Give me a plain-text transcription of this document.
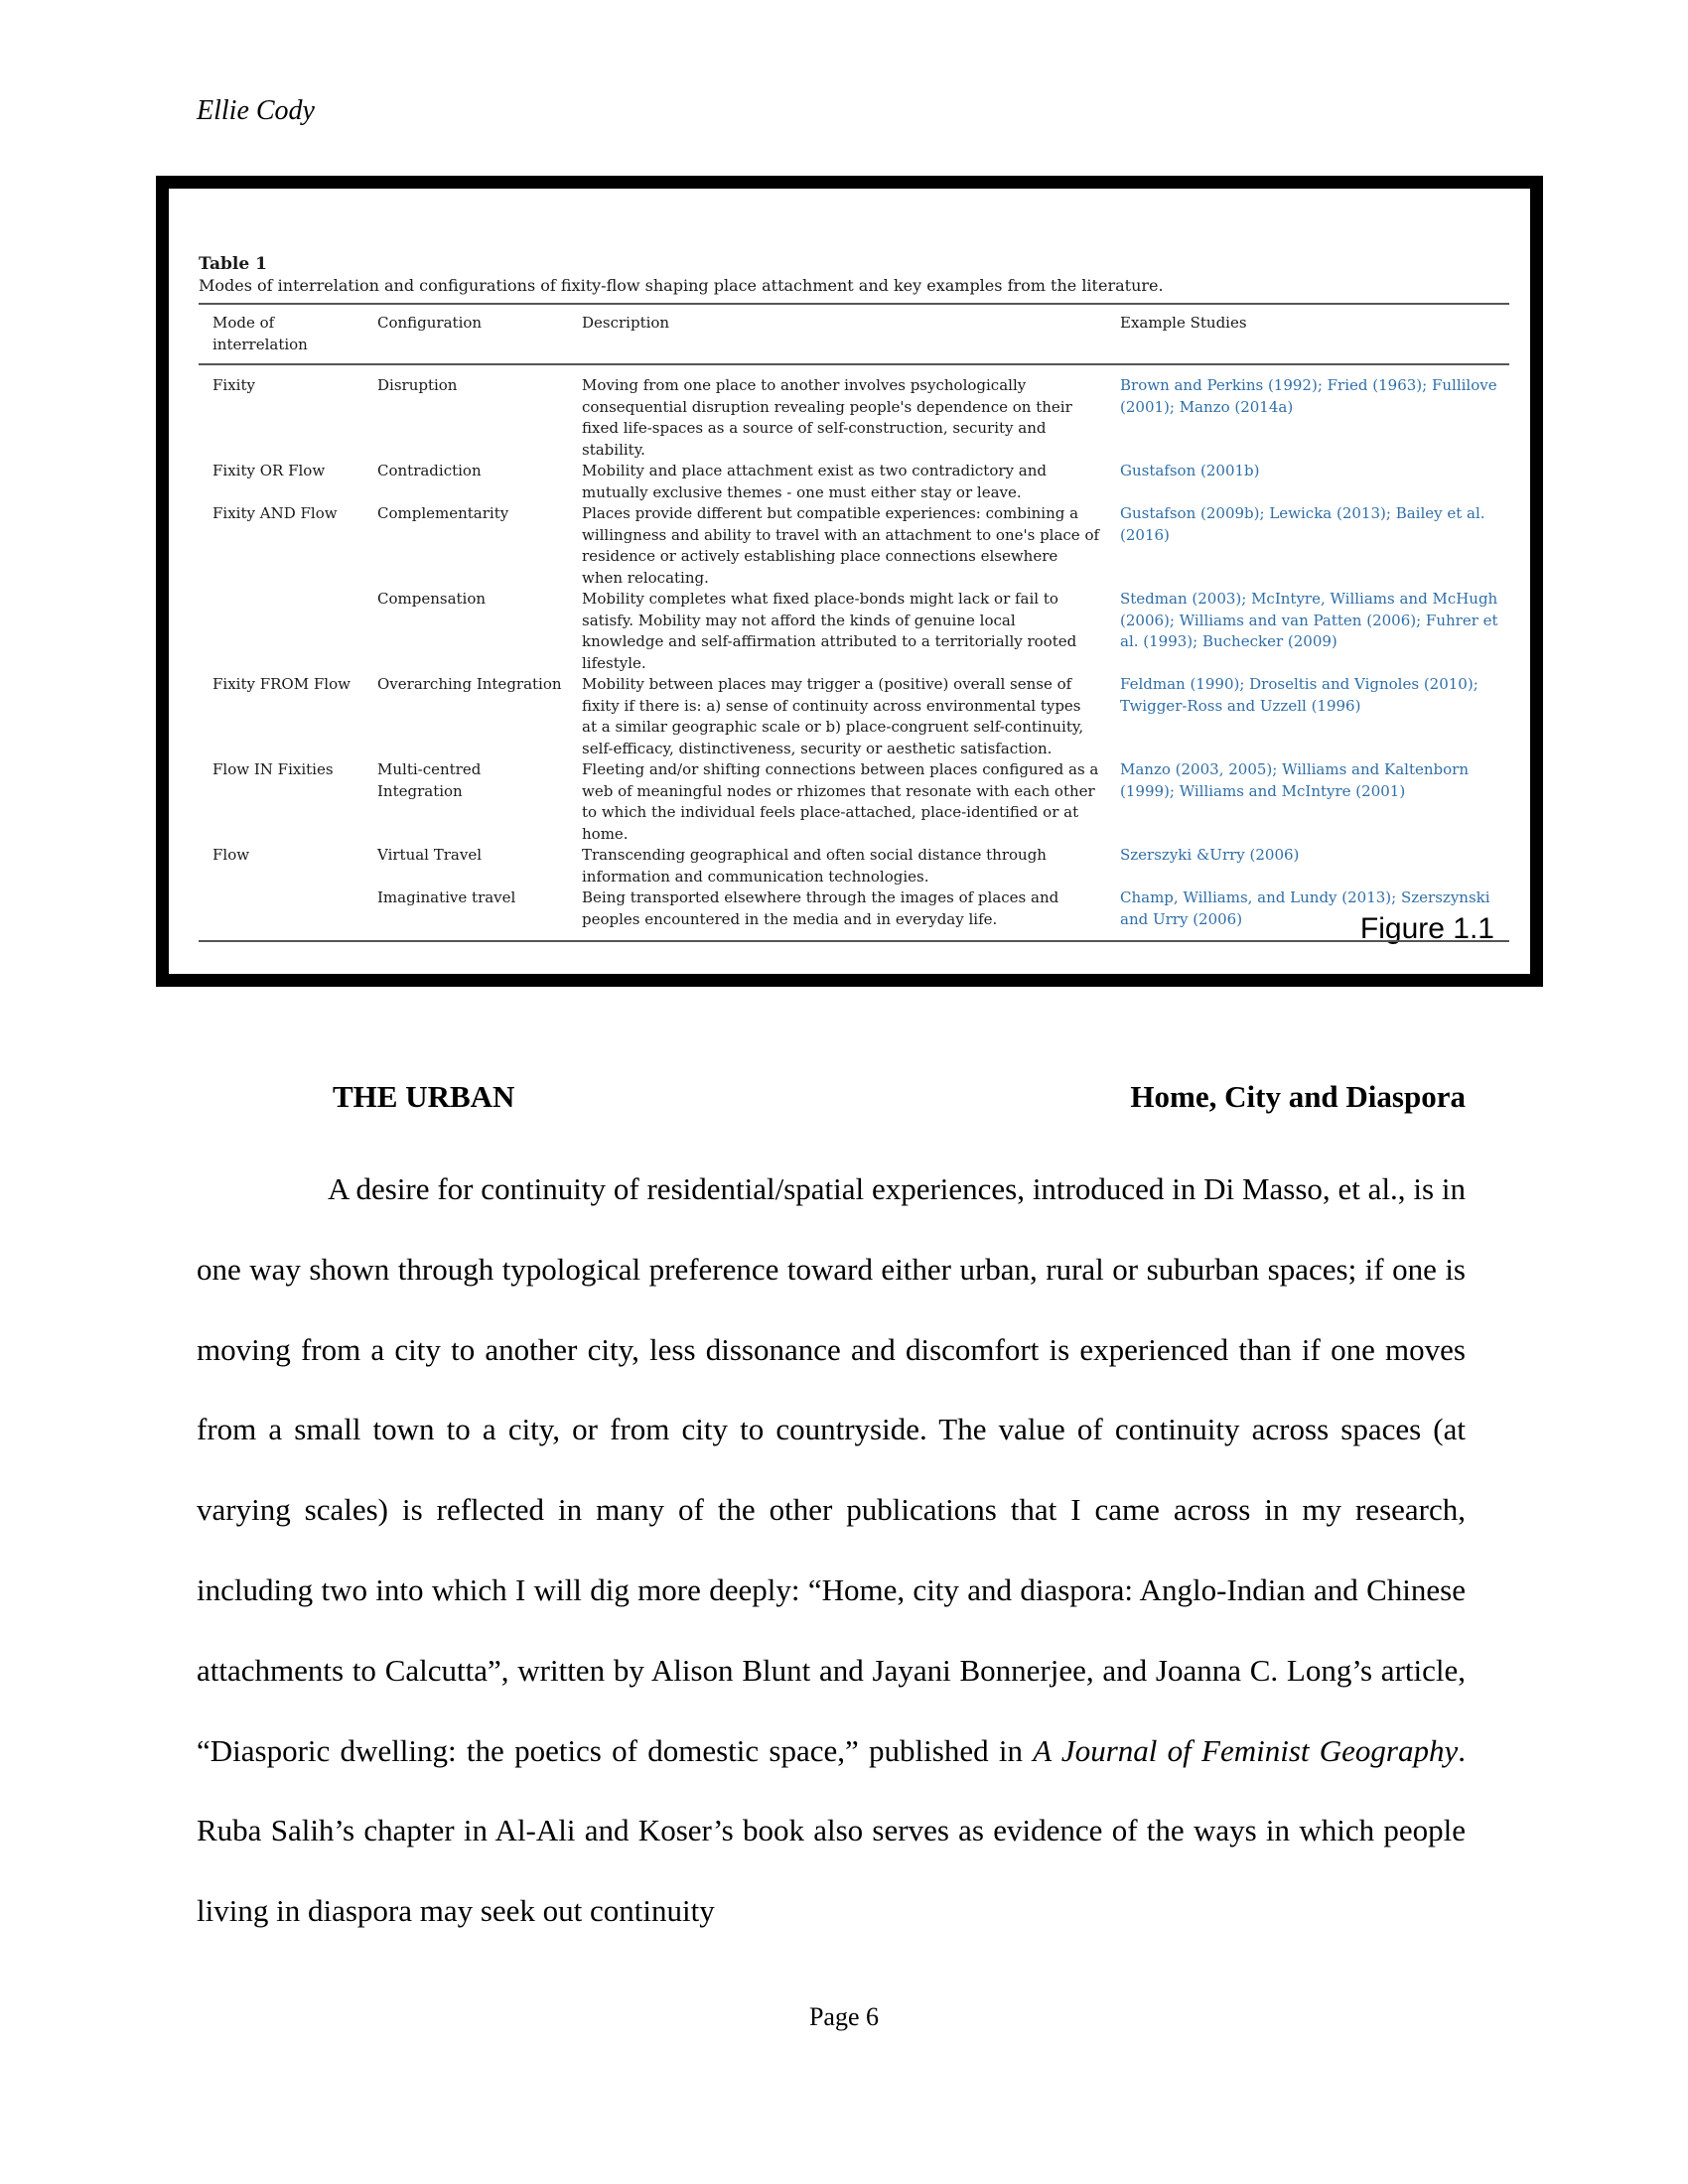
Ellie Cody
Figure 1.1
Table 1
Modes of interrelation and configurations of fixity-flow shaping place attachment and key examples from the literature.
Mode of interrelation	Configuration	Description	Example Studies
Fixity	Disruption	Moving from one place to another involves psychologically consequential disruption revealing people's dependence on their fixed life-spaces as a source of self-construction, security and stability.	Brown and Perkins (1992); Fried (1963); Fullilove (2001); Manzo (2014a)
Fixity OR Flow	Contradiction	Mobility and place attachment exist as two contradictory and mutually exclusive themes - one must either stay or leave.	Gustafson (2001b)
Fixity AND Flow	Complementarity	Places provide different but compatible experiences: combining a willingness and ability to travel with an attachment to one's place of residence or actively establishing place connections elsewhere when relocating.	Gustafson (2009b); Lewicka (2013); Bailey et al. (2016)
	Compensation	Mobility completes what fixed place-bonds might lack or fail to satisfy. Mobility may not afford the kinds of genuine local knowledge and self-affirmation attributed to a territorially rooted lifestyle.	Stedman (2003); McIntyre, Williams and McHugh (2006); Williams and van Patten (2006); Fuhrer et al. (1993); Buchecker (2009)
Fixity FROM Flow	Overarching Integration	Mobility between places may trigger a (positive) overall sense of fixity if there is: a) sense of continuity across environmental types at a similar geographic scale or b) place-congruent self-continuity, self-efficacy, distinctiveness, security or aesthetic satisfaction.	Feldman (1990); Droseltis and Vignoles (2010); Twigger-Ross and Uzzell (1996)
Flow IN Fixities	Multi-centred Integration	Fleeting and/or shifting connections between places configured as a web of meaningful nodes or rhizomes that resonate with each other to which the individual feels place-attached, place-identified or at home.	Manzo (2003, 2005); Williams and Kaltenborn (1999); Williams and McIntyre (2001)
Flow	Virtual Travel	Transcending geographical and often social distance through information and communication technologies.	Szerszyki &Urry (2006)
	Imaginative travel	Being transported elsewhere through the images of places and peoples encountered in the media and in everyday life.	Champ, Williams, and Lundy (2013); Szerszynski and Urry (2006)
THE URBAN	Home, City and Diaspora

A desire for continuity of residential/spatial experiences, introduced in Di Masso, et al., is in one way shown through typological preference toward either urban, rural or suburban spaces; if one is moving from a city to another city, less dissonance and discomfort is experienced than if one moves from a small town to a city, or from city to countryside. The value of continuity across spaces (at varying scales) is reflected in many of the other publications that I came across in my research, including two into which I will dig more deeply: “Home, city and diaspora: Anglo-Indian and Chinese attachments to Calcutta”, written by Alison Blunt and Jayani Bonnerjee, and Joanna C. Long’s article, “Diasporic dwelling: the poetics of domestic space,” published in A Journal of Feminist Geography. Ruba Salih’s chapter in Al-Ali and Koser’s book also serves as evidence of the ways in which people living in diaspora may seek out continuity

Page 6
